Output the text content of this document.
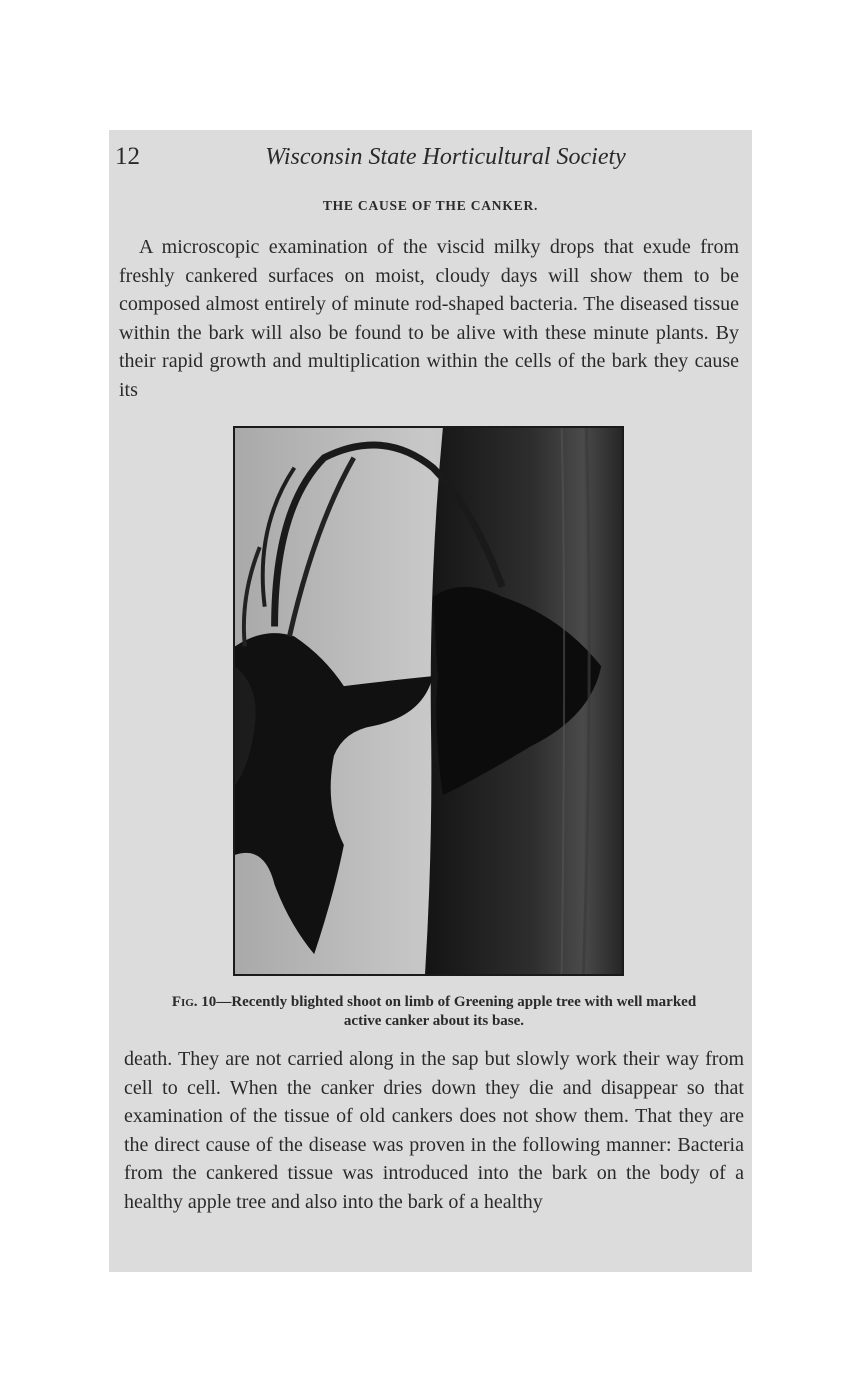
12	Wisconsin State Horticultural Society
THE CAUSE OF THE CANKER.

A microscopic examination of the viscid milky drops that exude from freshly cankered surfaces on moist, cloudy days will show them to be composed almost entirely of minute rod-shaped bacteria. The diseased tissue within the bark will also be found to be alive with these minute plants. By their rapid growth and multiplication within the cells of the bark they cause its

Fig. 10—Recently blighted shoot on limb of Greening apple tree with well marked active canker about its base.

death. They are not carried along in the sap but slowly work their way from cell to cell. When the canker dries down they die and disappear so that examination of the tissue of old cankers does not show them. That they are the direct cause of the disease was proven in the following manner: Bacteria from the cankered tissue was introduced into the bark on the body of a healthy apple tree and also into the bark of a healthy
